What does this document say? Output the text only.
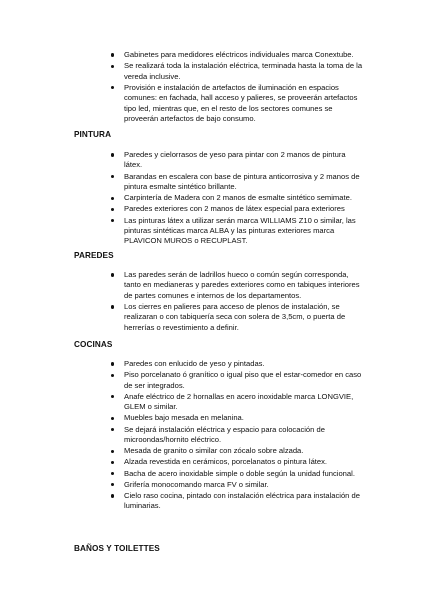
Gabinetes para medidores eléctricos individuales marca Conextube.
Se realizará toda la instalación eléctrica, terminada hasta la toma de la vereda inclusive.
Provisión e instalación de artefactos de iluminación en espacios comunes: en fachada, hall acceso y palieres, se proveerán artefactos tipo led, mientras que, en el resto de los sectores comunes se proveerán artefactos de bajo consumo.
PINTURA
Paredes y cielorrasos de yeso para pintar con 2 manos de pintura látex.
Barandas en escalera con base de pintura anticorrosiva y 2 manos de pintura esmalte sintético brillante.
Carpintería de Madera con 2 manos de esmalte sintético semimate.
Paredes exteriores con 2 manos de látex especial para exteriores
Las pinturas látex a utilizar serán marca WILLIAMS Z10 o similar, las pinturas sintéticas marca ALBA y las pinturas exteriores marca PLAVICON MUROS o RECUPLAST.
PAREDES
Las paredes serán de ladrillos hueco o común según corresponda, tanto en medianeras y paredes exteriores como en tabiques interiores de partes comunes e internos de los departamentos.
Los cierres en palieres para acceso de plenos de instalación, se realizaran o con tabiquería seca con solera de 3,5cm, o puerta de herrerías o revestimiento a definir.
COCINAS
Paredes con enlucido de yeso y pintadas.
Piso porcelanato ó granítico o igual piso que el estar-comedor en caso de ser integrados.
Anafe eléctrico de 2 hornallas en acero inoxidable marca LONGVIE, GLEM o similar.
Muebles bajo mesada en melanina.
Se dejará instalación eléctrica y espacio para colocación de microondas/hornito eléctrico.
Mesada de granito o similar con zócalo sobre alzada.
Alzada revestida en cerámicos, porcelanatos o pintura látex.
Bacha de acero inoxidable simple o doble según la unidad funcional.
Grifería monocomando marca FV o similar.
Cielo raso cocina, pintado con instalación eléctrica para instalación de luminarias.
BAÑOS Y TOILETTES
